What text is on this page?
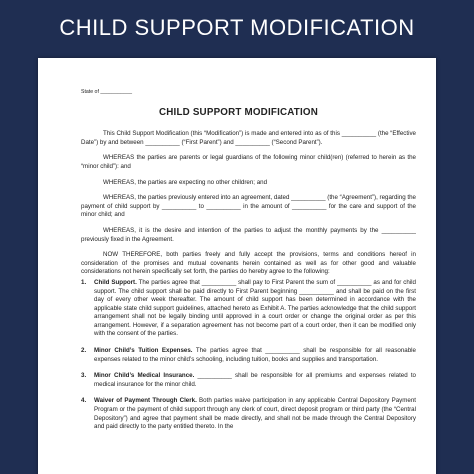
CHILD SUPPORT MODIFICATION
State of ___________
CHILD SUPPORT MODIFICATION
This Child Support Modification (this “Modification”) is made and entered into as of this __________ (the “Effective Date”) by and between __________ (“First Parent”) and __________ (“Second Parent”).
WHEREAS the parties are parents or legal guardians of the following minor child(ren) (referred to herein as the “minor child”): and
WHEREAS, the parties are expecting no other children; and
WHEREAS, the parties previously entered into an agreement, dated __________ (the “Agreement”), regarding the payment of child support by __________ to __________ in the amount of __________ for the care and support of the minor child; and
WHEREAS, it is the desire and intention of the parties to adjust the monthly payments by the __________ previously fixed in the Agreement.
NOW THEREFORE, both parties freely and fully accept the provisions, terms and conditions hereof in consideration of the promises and mutual covenants herein contained as well as for other good and valuable considerations not herein specifically set forth, the parties do hereby agree to the following:
1.	Child Support. The parties agree that __________ shall pay to First Parent the sum of __________ as and for child support. The child support shall be paid directly to First Parent beginning __________ and shall be paid on the first day of every other week thereafter. The amount of child support has been determined in accordance with the applicable state child support guidelines, attached hereto as Exhibit A. The parties acknowledge that the child support arrangement shall not be legally binding until approved in a court order or change the original order as per this arrangement. However, if a separation agreement has not become part of a court order, then it can be modified only with the consent of the parties.
2.	Minor Child’s Tuition Expenses. The parties agree that __________ shall be responsible for all reasonable expenses related to the minor child’s schooling, including tuition, books and supplies and transportation.
3.	Minor Child’s Medical Insurance. __________ shall be responsible for all premiums and expenses related to medical insurance for the minor child.
4.	Waiver of Payment Through Clerk. Both parties waive participation in any applicable Central Depository Payment Program or the payment of child support through any clerk of court, direct deposit program or third party (the “Central Depository”) and agree that payment shall be made directly, and shall not be made through the Central Depository and paid directly to the party entitled thereto. In the
